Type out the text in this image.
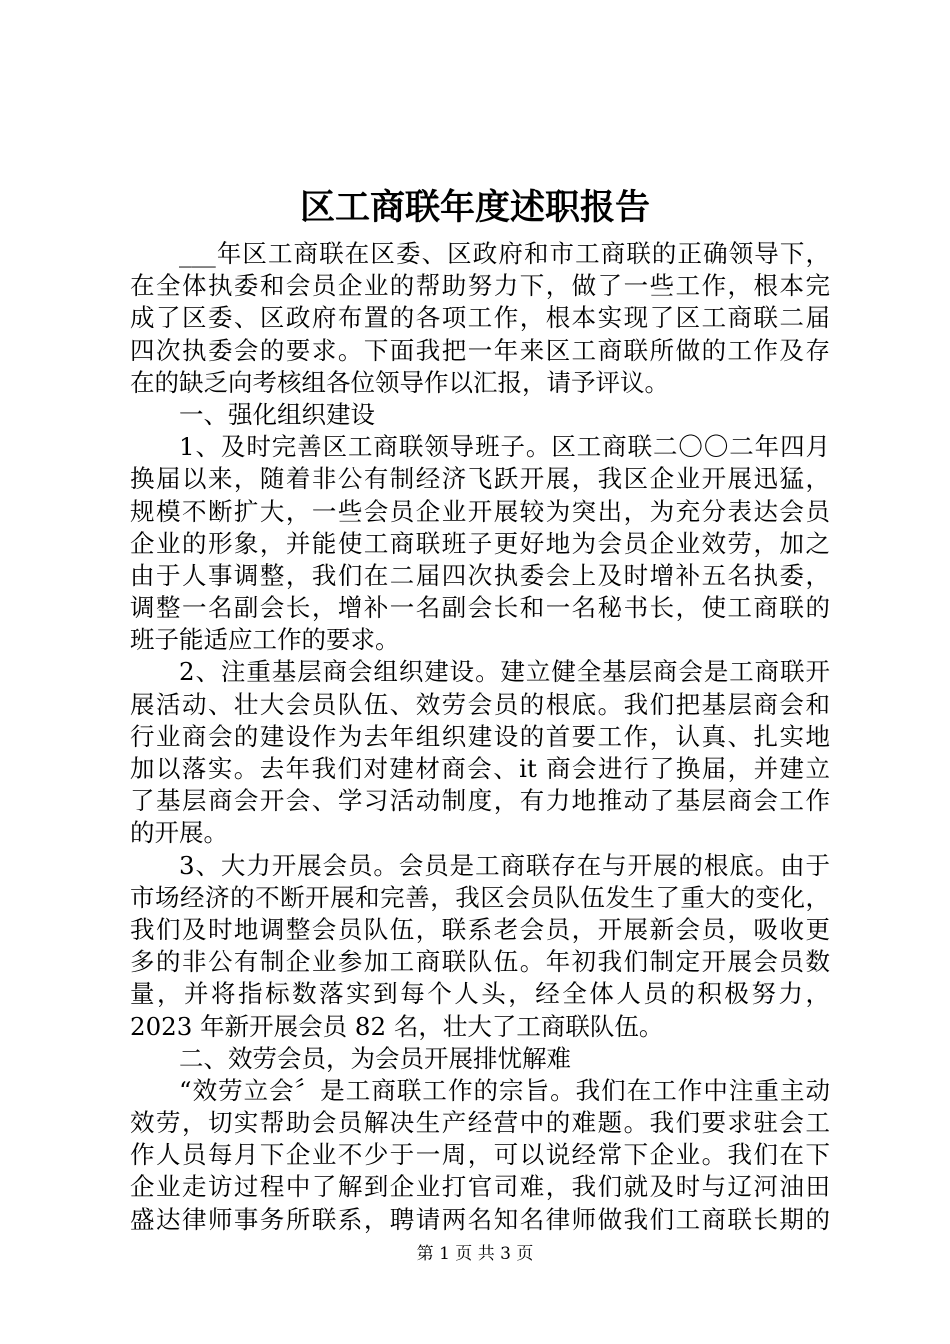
区工商联年度述职报告
___年区工商联在区委、区政府和市工商联的正确领导下，
在全体执委和会员企业的帮助努力下，做了一些工作，根本完
成了区委、区政府布置的各项工作，根本实现了区工商联二届
四次执委会的要求。下面我把一年来区工商联所做的工作及存
在的缺乏向考核组各位领导作以汇报，请予评议。
一、强化组织建设
1、及时完善区工商联领导班子。区工商联二〇〇二年四月
换届以来，随着非公有制经济飞跃开展，我区企业开展迅猛，
规模不断扩大，一些会员企业开展较为突出，为充分表达会员
企业的形象，并能使工商联班子更好地为会员企业效劳，加之
由于人事调整，我们在二届四次执委会上及时增补五名执委，
调整一名副会长，增补一名副会长和一名秘书长，使工商联的
班子能适应工作的要求。
2、注重基层商会组织建设。建立健全基层商会是工商联开
展活动、壮大会员队伍、效劳会员的根底。我们把基层商会和
行业商会的建设作为去年组织建设的首要工作，认真、扎实地
加以落实。去年我们对建材商会、it 商会进行了换届，并建立
了基层商会开会、学习活动制度，有力地推动了基层商会工作
的开展。
3、大力开展会员。会员是工商联存在与开展的根底。由于
市场经济的不断开展和完善，我区会员队伍发生了重大的变化，
我们及时地调整会员队伍，联系老会员，开展新会员，吸收更
多的非公有制企业参加工商联队伍。年初我们制定开展会员数
量，并将指标数落实到每个人头，经全体人员的积极努力，
2023 年新开展会员 82 名，壮大了工商联队伍。
二、效劳会员，为会员开展排忧解难
“效劳立会〞是工商联工作的宗旨。我们在工作中注重主动
效劳，切实帮助会员解决生产经营中的难题。我们要求驻会工
作人员每月下企业不少于一周，可以说经常下企业。我们在下
企业走访过程中了解到企业打官司难，我们就及时与辽河油田
盛达律师事务所联系，聘请两名知名律师做我们工商联长期的
第 1 页 共 3 页
